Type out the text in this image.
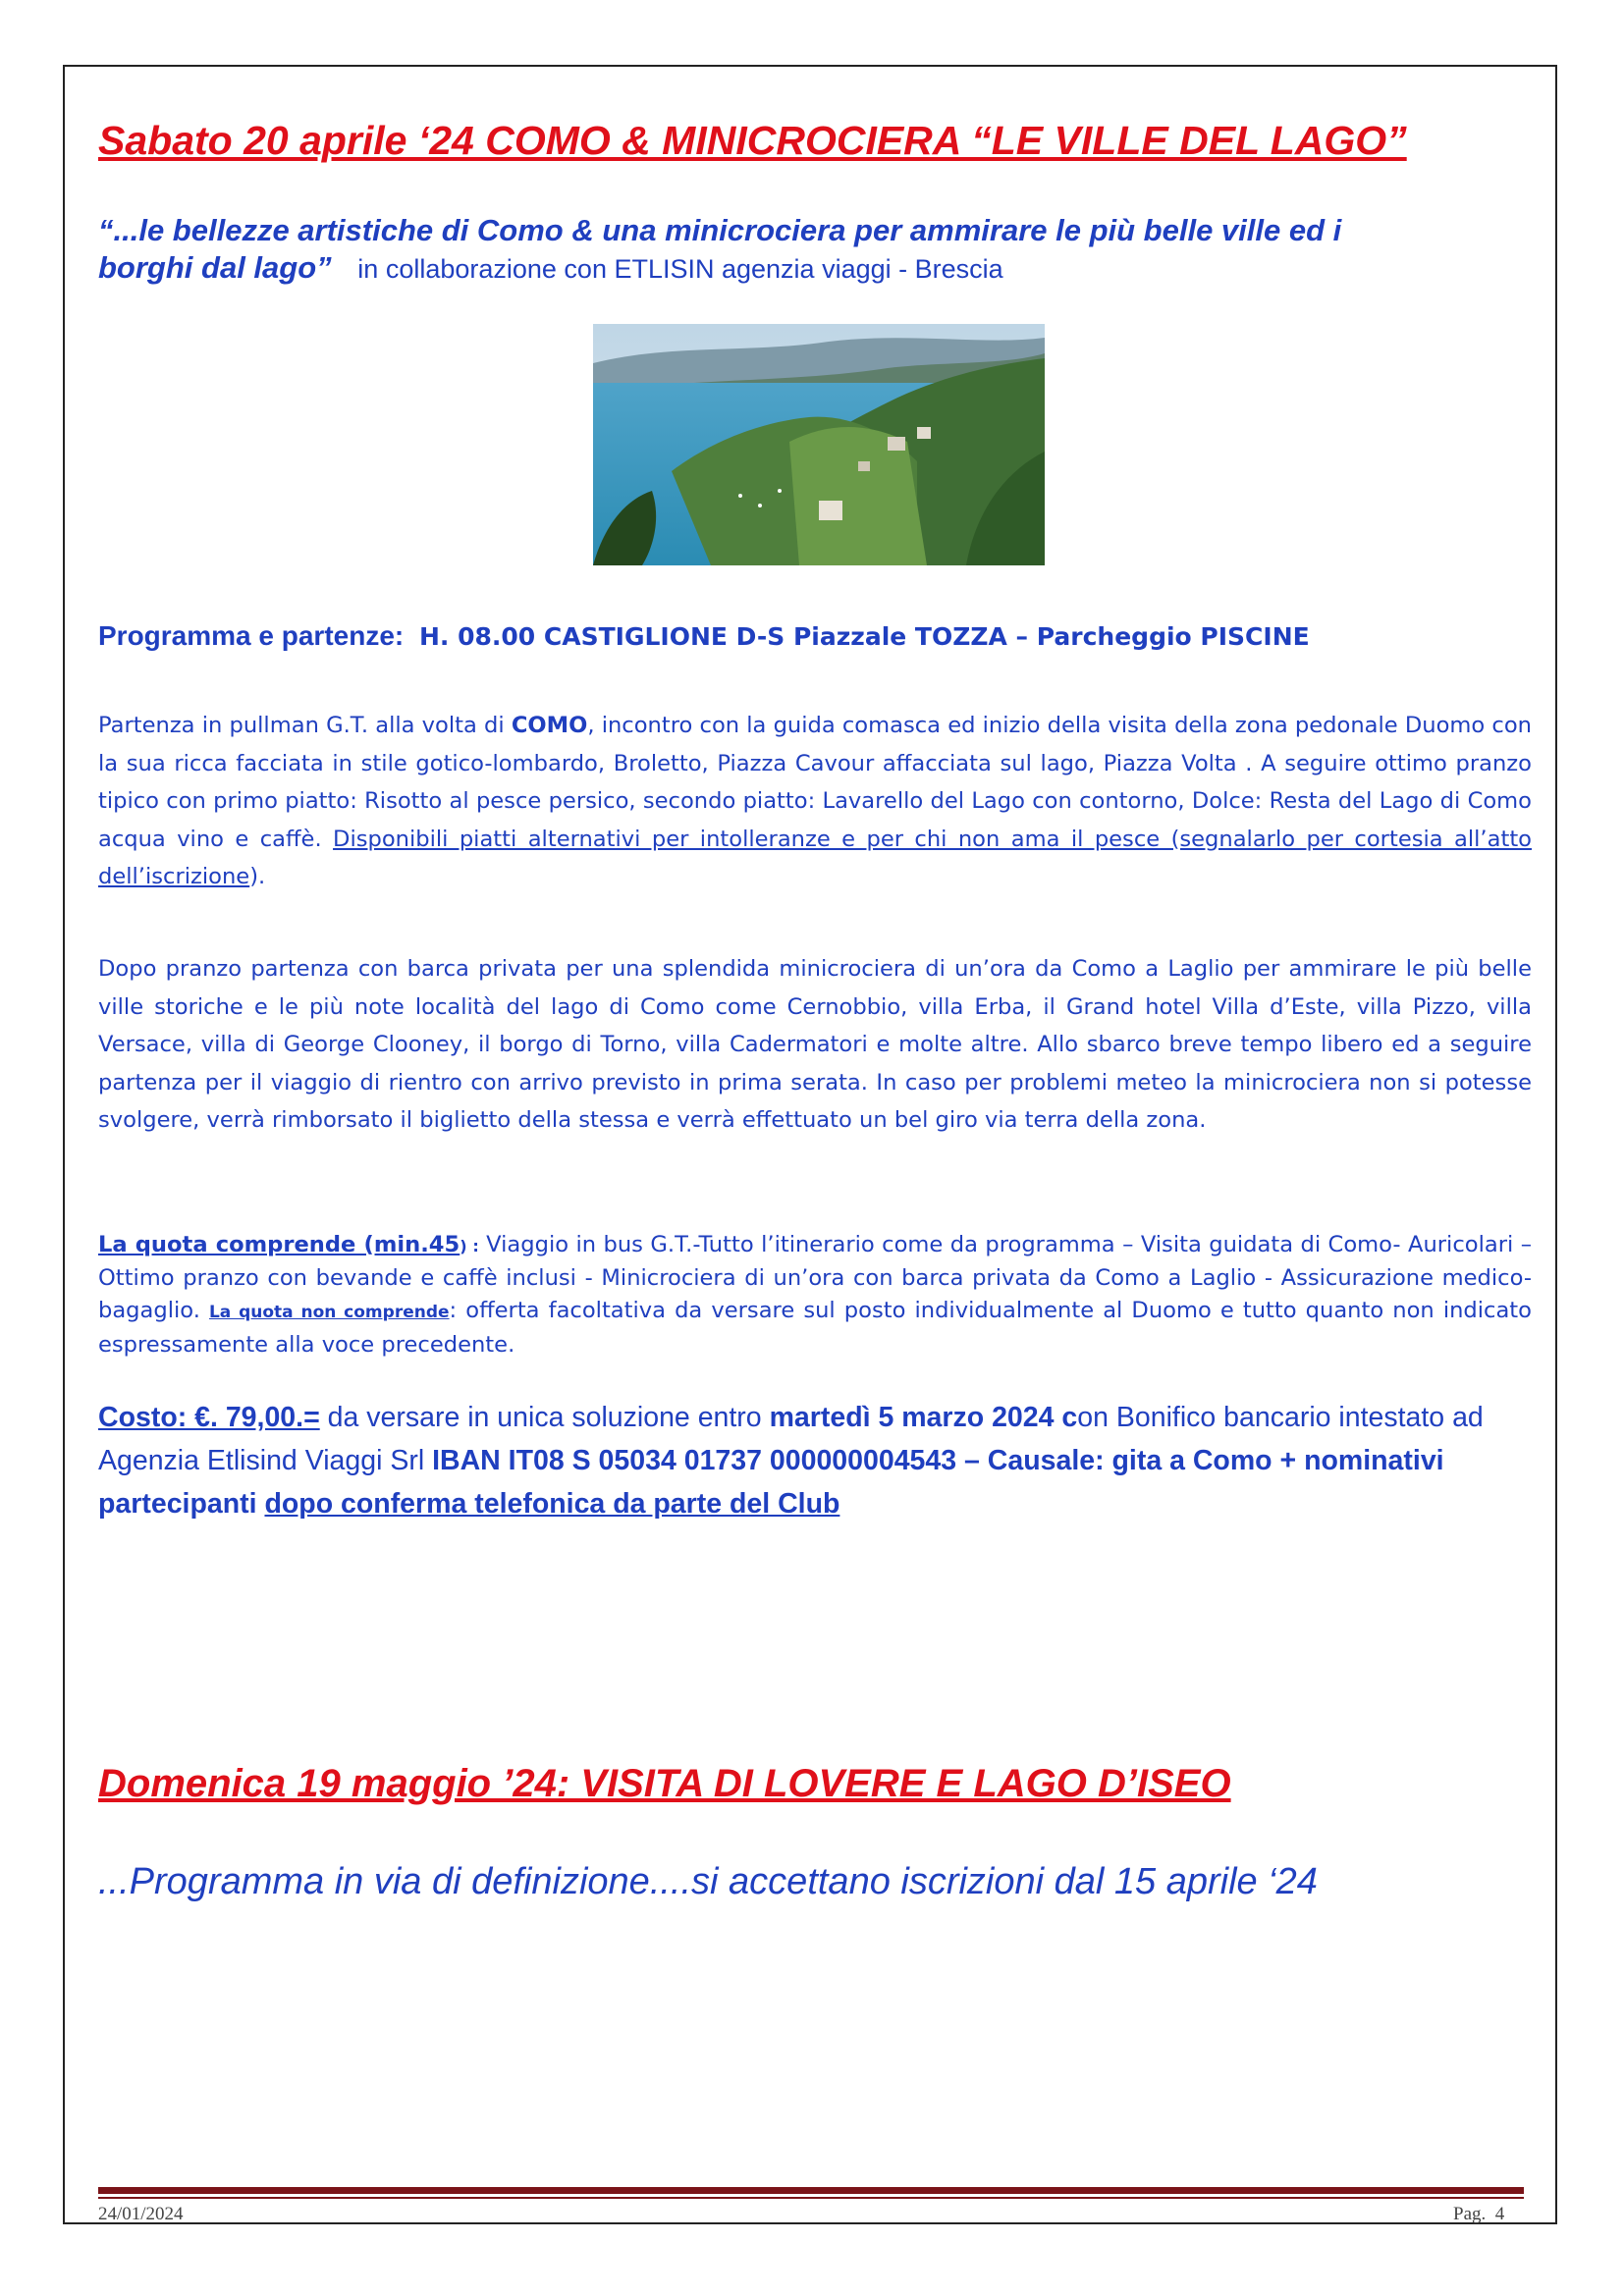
Sabato 20 aprile ‘24 COMO & MINICROCIERA “LE VILLE DEL LAGO”
“...le bellezze artistiche di Como & una minicrociera per ammirare le più belle ville ed i
borghi dal lago” in collaborazione con ETLISIN agenzia viaggi - Brescia
Programma e partenze: H. 08.00 CASTIGLIONE D-S Piazzale TOZZA – Parcheggio PISCINE
Partenza in pullman G.T. alla volta di COMO, incontro con la guida comasca ed inizio della visita della zona pedonale Duomo con la sua ricca facciata in stile gotico-lombardo, Broletto, Piazza Cavour affacciata sul lago, Piazza Volta . A seguire ottimo pranzo tipico con primo piatto: Risotto al pesce persico, secondo piatto: Lavarello del Lago con contorno, Dolce: Resta del Lago di Como acqua vino e caffè. Disponibili piatti alternativi per intolleranze e per chi non ama il pesce (segnalarlo per cortesia all’atto dell’iscrizione).
Dopo pranzo partenza con barca privata per una splendida minicrociera di un’ora da Como a Laglio per ammirare le più belle ville storiche e le più note località del lago di Como come Cernobbio, villa Erba, il Grand hotel Villa d’Este, villa Pizzo, villa Versace, villa di George Clooney, il borgo di Torno, villa Cadermatori e molte altre. Allo sbarco breve tempo libero ed a seguire partenza per il viaggio di rientro con arrivo previsto in prima serata. In caso per problemi meteo la minicrociera non si potesse svolgere, verrà rimborsato il biglietto della stessa e verrà effettuato un bel giro via terra della zona.
La quota comprende (min.45) : Viaggio in bus G.T.-Tutto l’itinerario come da programma – Visita guidata di Como- Auricolari – Ottimo pranzo con bevande e caffè inclusi - Minicrociera di un’ora con barca privata da Como a Laglio - Assicurazione medico-bagaglio. La quota non comprende: offerta facoltativa da versare sul posto individualmente al Duomo e tutto quanto non indicato espressamente alla voce precedente.
Costo: €. 79,00.= da versare in unica soluzione entro martedì 5 marzo 2024 con Bonifico bancario intestato ad Agenzia Etlisind Viaggi Srl IBAN IT08 S 05034 01737 000000004543 – Causale: gita a Como + nominativi partecipanti dopo conferma telefonica da parte del Club
Domenica 19 maggio ’24: VISITA DI LOVERE E LAGO D’ISEO
...Programma in via di definizione....si accettano iscrizioni dal 15 aprile ‘24
24/01/2024	Pag.  4
